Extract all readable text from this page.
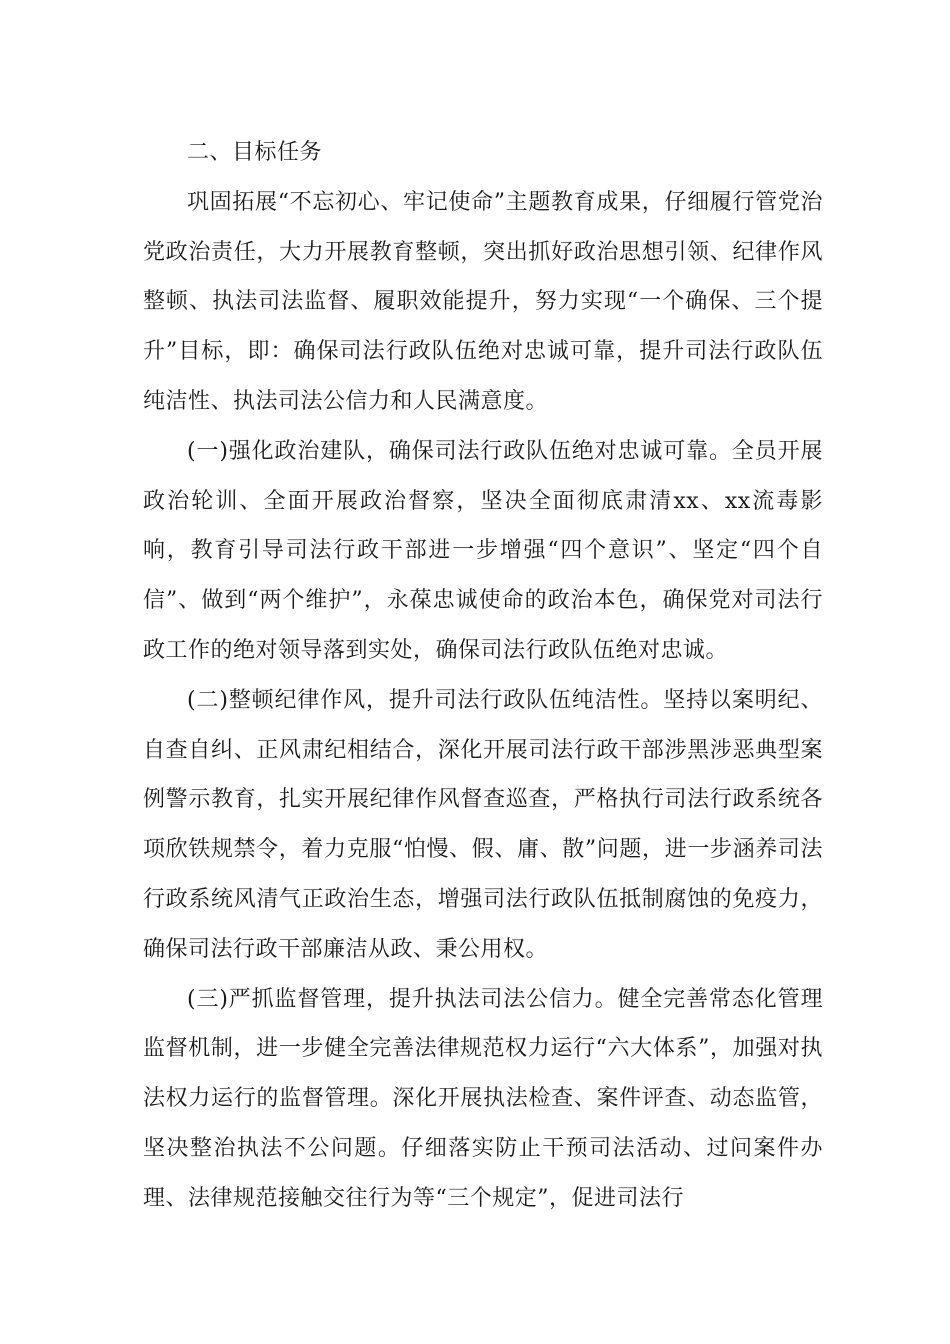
二、目标任务

巩固拓展“不忘初心、牢记使命”主题教育成果，仔细履行管党治党政治责任，大力开展教育整顿，突出抓好政治思想引领、纪律作风整顿、执法司法监督、履职效能提升，努力实现“一个确保、三个提升”目标，即：确保司法行政队伍绝对忠诚可靠，提升司法行政队伍纯洁性、执法司法公信力和人民满意度。

(一)强化政治建队，确保司法行政队伍绝对忠诚可靠。全员开展政治轮训、全面开展政治督察，坚决全面彻底肃清xx、xx流毒影响，教育引导司法行政干部进一步增强“四个意识”、坚定“四个自信”、做到“两个维护”，永葆忠诚使命的政治本色，确保党对司法行政工作的绝对领导落到实处，确保司法行政队伍绝对忠诚。

(二)整顿纪律作风，提升司法行政队伍纯洁性。坚持以案明纪、自查自纠、正风肃纪相结合，深化开展司法行政干部涉黑涉恶典型案例警示教育，扎实开展纪律作风督查巡查，严格执行司法行政系统各项欣铁规禁令，着力克服“怕慢、假、庸、散”问题，进一步涵养司法行政系统风清气正政治生态，增强司法行政队伍抵制腐蚀的免疫力，确保司法行政干部廉洁从政、秉公用权。

(三)严抓监督管理，提升执法司法公信力。健全完善常态化管理监督机制，进一步健全完善法律规范权力运行“六大体系”，加强对执法权力运行的监督管理。深化开展执法检查、案件评查、动态监管，坚决整治执法不公问题。仔细落实防止干预司法活动、过问案件办理、法律规范接触交往行为等“三个规定”，促进司法行
